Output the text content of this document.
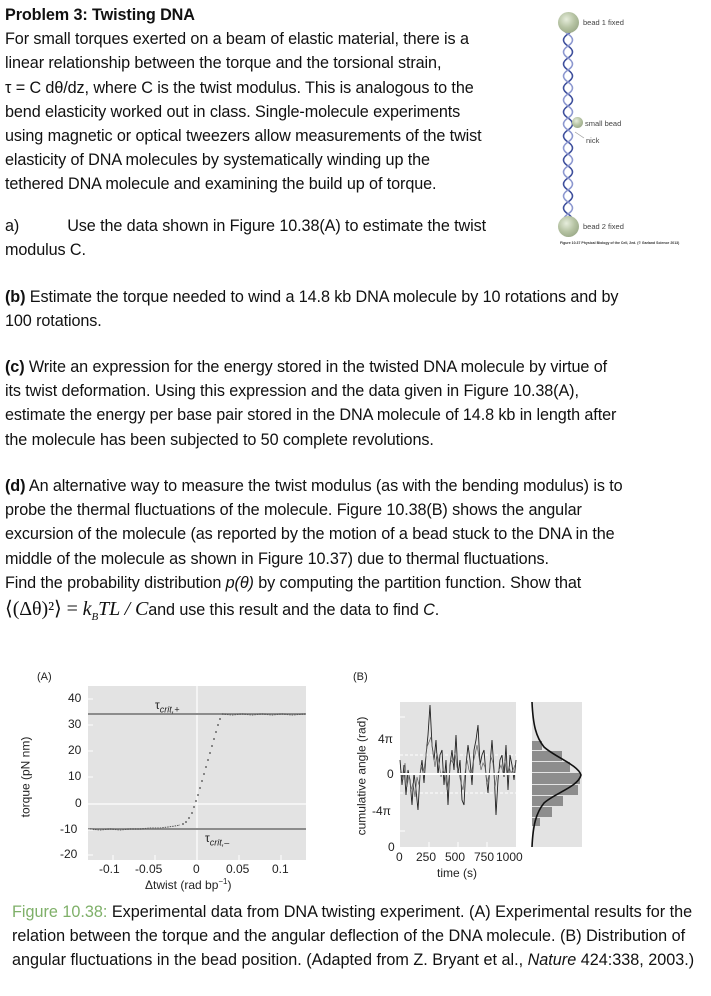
Problem 3: Twisting DNA

For small torques exerted on a beam of elastic material, there is a

linear relationship between the torque and the torsional strain,

τ = C dθ/dz, where C is the twist modulus. This is analogous to the

bend elasticity worked out in class. Single-molecule experiments

using magnetic or optical tweezers allow measurements of the twist

elasticity of DNA molecules by systematically winding up the

tethered DNA molecule and examining the build up of torque.

a)	Use the data shown in Figure 10.38(A) to estimate the twist

modulus C.

(b) Estimate the torque needed to wind a 14.8 kb DNA molecule by 10 rotations and by

100 rotations.

(c) Write an expression for the energy stored in the twisted DNA molecule by virtue of

its twist deformation. Using this expression and the data given in Figure 10.38(A),

estimate the energy per base pair stored in the DNA molecule of 14.8 kb in length after

the molecule has been subjected to 50 complete revolutions.

(d) An alternative way to measure the twist modulus (as with the bending modulus) is to

probe the thermal fluctuations of the molecule. Figure 10.38(B) shows the angular

excursion of the molecule (as reported by the motion of a bead stuck to the DNA in the

middle of the molecule as shown in Figure 10.37) due to thermal fluctuations.

Find the probability distribution p(θ) by computing the partition function. Show that

⟨(Δθ)²⟩ = $k_BTL$ / Cand use this result and the data to find C.

bead 1 fixed
small bead
nick
bead 2 fixed
Figure 10.37 Physical Biology of the Cell, 2ed. (© Garland Science 2013)
(A)
$\tau_{crit,+}$
$\tau_{crit,-}$
40
30
20
10
0
-10
-20
-0.1 -0.05	0 0.05 0.1
Δtwist (rad $bp^{-1}$)
torque (pN nm)
(B)
4π
0
-4π
0
0 250 500 750 1000
time (s)
cumulative angle (rad)
Figure 10.38: Experimental data from DNA twisting experiment. (A) Experimental results for the relation between the torque and the angular deflection of the DNA molecule. (B) Distribution of angular fluctuations in the bead position. (Adapted from Z. Bryant et al., Nature 424:338, 2003.)
